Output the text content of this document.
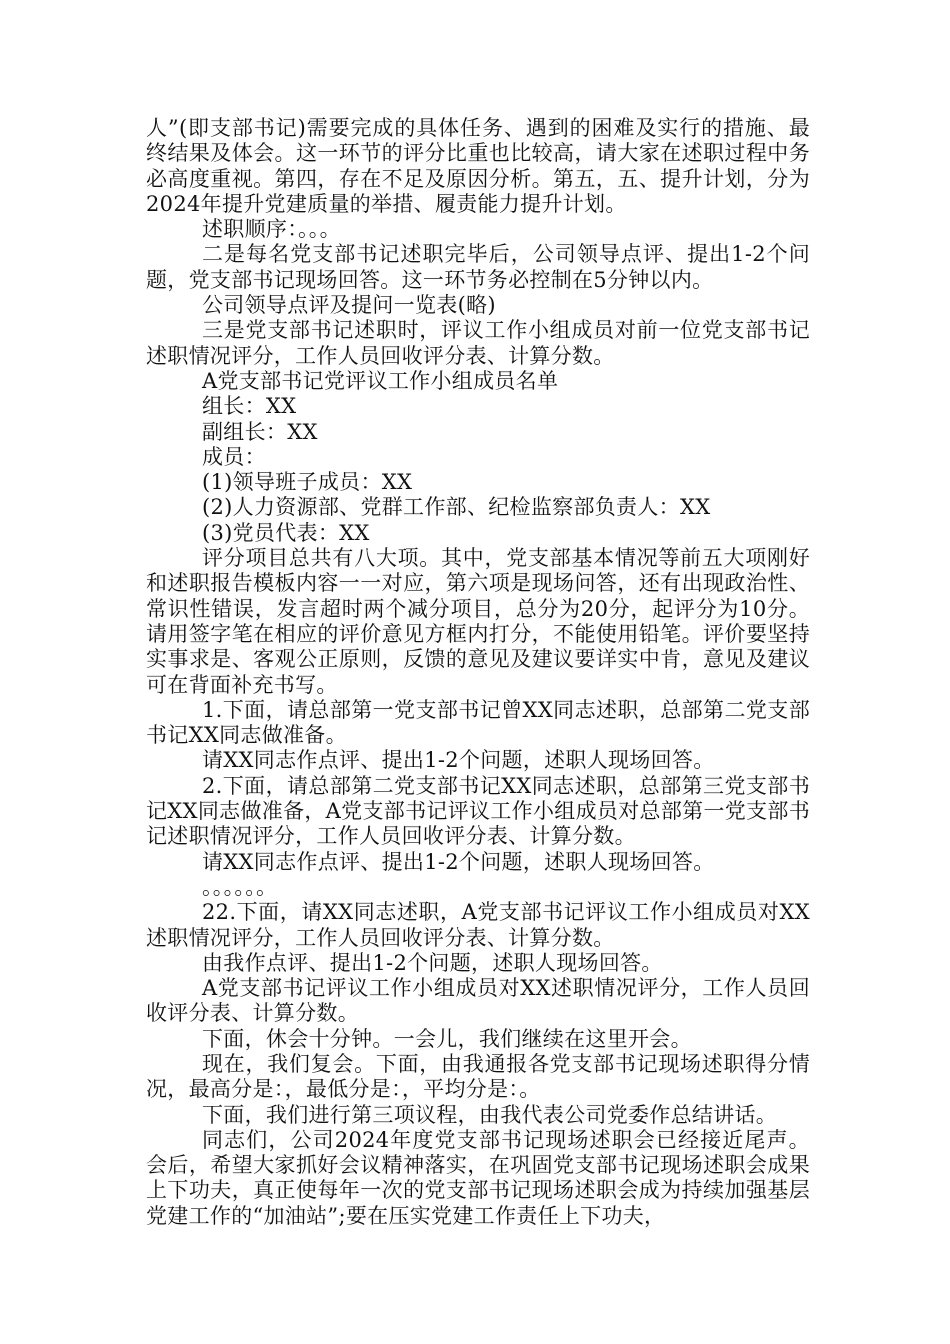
人”(即支部书记)需要完成的具体任务、遇到的困难及实行的措施、最终结果及体会。这一环节的评分比重也比较高，请大家在述职过程中务必高度重视。第四，存在不足及原因分析。第五，五、提升计划，分为2024年提升党建质量的举措、履责能力提升计划。

述职顺序：。。。

二是每名党支部书记述职完毕后，公司领导点评、提出1-2个问题，党支部书记现场回答。这一环节务必控制在5分钟以内。

公司领导点评及提问一览表(略)

三是党支部书记述职时，评议工作小组成员对前一位党支部书记述职情况评分，工作人员回收评分表、计算分数。

A党支部书记党评议工作小组成员名单

组长：XX

副组长：XX

成员：

(1)领导班子成员：XX

(2)人力资源部、党群工作部、纪检监察部负责人：XX

(3)党员代表：XX

评分项目总共有八大项。其中，党支部基本情况等前五大项刚好和述职报告模板内容一一对应，第六项是现场问答，还有出现政治性、常识性错误，发言超时两个减分项目，总分为20分，起评分为10分。请用签字笔在相应的评价意见方框内打分，不能使用铅笔。评价要坚持实事求是、客观公正原则，反馈的意见及建议要详实中肯，意见及建议可在背面补充书写。

1.下面，请总部第一党支部书记曾XX同志述职，总部第二党支部书记XX同志做准备。

请XX同志作点评、提出1-2个问题，述职人现场回答。

2.下面，请总部第二党支部书记XX同志述职，总部第三党支部书记XX同志做准备，A党支部书记评议工作小组成员对总部第一党支部书记述职情况评分，工作人员回收评分表、计算分数。

请XX同志作点评、提出1-2个问题，述职人现场回答。

。。。。。。

22.下面，请XX同志述职，A党支部书记评议工作小组成员对XX述职情况评分，工作人员回收评分表、计算分数。

由我作点评、提出1-2个问题，述职人现场回答。

A党支部书记评议工作小组成员对XX述职情况评分，工作人员回收评分表、计算分数。

下面，休会十分钟。一会儿，我们继续在这里开会。

现在，我们复会。下面，由我通报各党支部书记现场述职得分情况，最高分是：，最低分是：，平均分是：。

下面，我们进行第三项议程，由我代表公司党委作总结讲话。

同志们，公司2024年度党支部书记现场述职会已经接近尾声。会后，希望大家抓好会议精神落实，在巩固党支部书记现场述职会成果上下功夫，真正使每年一次的党支部书记现场述职会成为持续加强基层党建工作的“加油站”;要在压实党建工作责任上下功夫，
